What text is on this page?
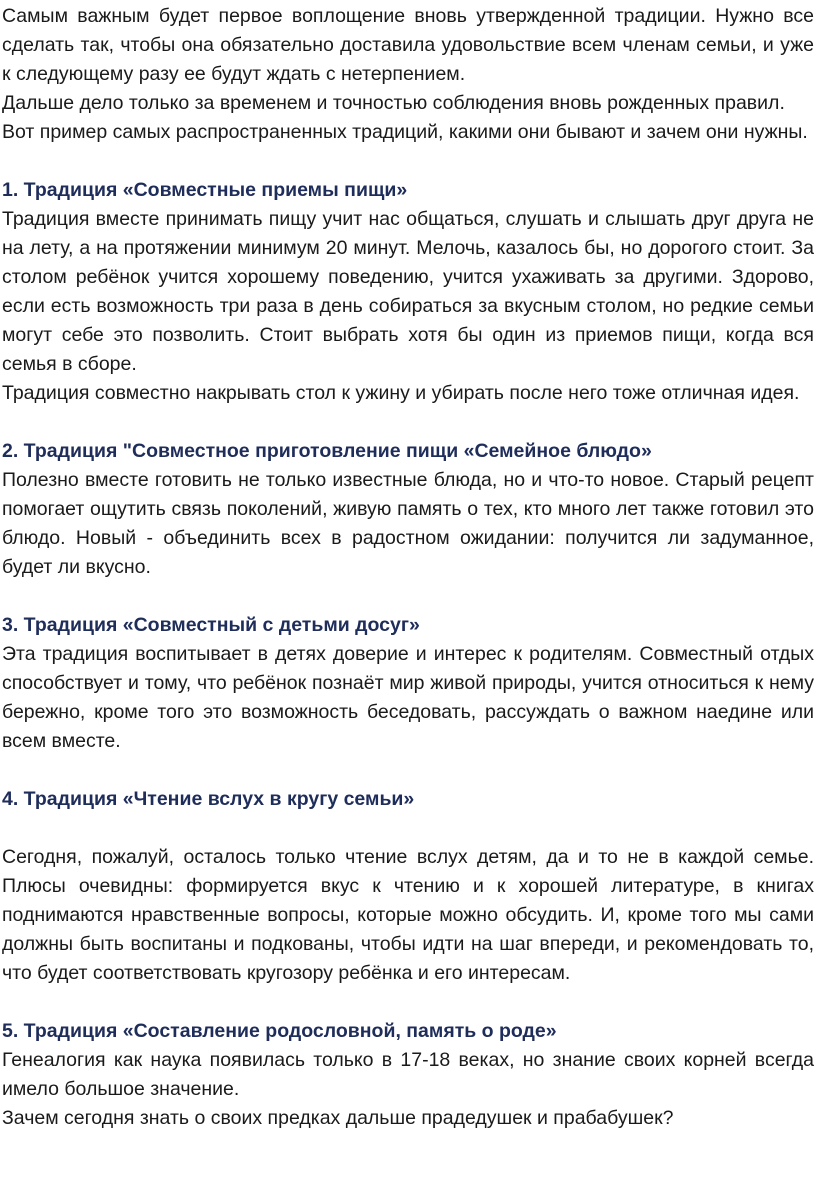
Самым важным будет первое воплощение вновь утвержденной традиции. Нужно все сделать так, чтобы она обязательно доставила удовольствие всем членам семьи, и уже к следующему разу ее будут ждать с нетерпением.

Дальше дело только за временем и точностью соблюдения вновь рожденных правил.

Вот пример самых распространенных традиций, какими они бывают и зачем они нужны.

1. Традиция «Совместные приемы пищи»

Традиция вместе принимать пищу учит нас общаться, слушать и слышать друг друга не на лету, а на протяжении минимум 20 минут. Мелочь, казалось бы, но дорогого стоит. За столом ребёнок учится хорошему поведению, учится ухаживать за другими. Здорово, если есть возможность три раза в день собираться за вкусным столом, но редкие семьи могут себе это позволить. Стоит выбрать хотя бы один из приемов пищи, когда вся семья в сборе.

Традиция совместно накрывать стол к ужину и убирать после него тоже отличная идея.

2. Традиция "Совместное приготовление пищи «Семейное блюдо»

Полезно вместе готовить не только известные блюда, но и что-то новое. Старый рецепт помогает ощутить связь поколений, живую память о тех, кто много лет также готовил это блюдо. Новый - объединить всех в радостном ожидании: получится ли задуманное, будет ли вкусно.

3. Традиция «Совместный с детьми досуг»

Эта традиция воспитывает в детях доверие и интерес к родителям. Совместный отдых способствует и тому, что ребёнок познаёт мир живой природы, учится относиться к нему бережно, кроме того это возможность беседовать, рассуждать о важном наедине или всем вместе.

4. Традиция «Чтение вслух в кругу семьи»

Сегодня, пожалуй, осталось только чтение вслух детям, да и то не в каждой семье. Плюсы очевидны: формируется вкус к чтению и к хорошей литературе, в книгах поднимаются нравственные вопросы, которые можно обсудить. И, кроме того мы сами должны быть воспитаны и подкованы, чтобы идти на шаг впереди, и рекомендовать то, что будет соответствовать кругозору ребёнка и его интересам.

5. Традиция «Составление родословной, память о роде»

Генеалогия как наука появилась только в 17-18 веках, но знание своих корней всегда имело большое значение.

Зачем сегодня знать о своих предках дальше прадедушек и прабабушек?
